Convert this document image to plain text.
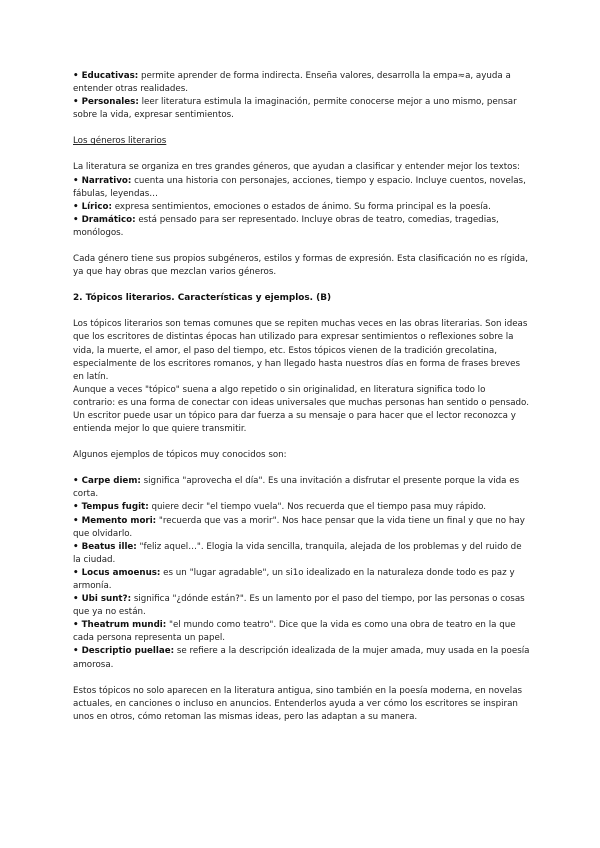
• Educativas: permite aprender de forma indirecta. Enseña valores, desarrolla la empa≈a, ayuda a entender otras realidades.

• Personales: leer literatura estimula la imaginación, permite conocerse mejor a uno mismo, pensar sobre la vida, expresar sentimientos.

Los géneros literarios

La literatura se organiza en tres grandes géneros, que ayudan a clasiﬁcar y entender mejor los textos:

• Narrativo: cuenta una historia con personajes, acciones, tiempo y espacio. Incluye cuentos, novelas, fábulas, leyendas…

• Lírico: expresa sentimientos, emociones o estados de ánimo. Su forma principal es la poesía.

• Dramático: está pensado para ser representado. Incluye obras de teatro, comedias, tragedias, monólogos.

Cada género tiene sus propios subgéneros, estilos y formas de expresión. Esta clasificación no es rígida, ya que hay obras que mezclan varios géneros.

2. Tópicos literarios. Características y ejemplos. (B)

Los tópicos literarios son temas comunes que se repiten muchas veces en las obras literarias. Son ideas que los escritores de distintas épocas han utilizado para expresar sentimientos o reflexiones sobre la vida, la muerte, el amor, el paso del tiempo, etc. Estos tópicos vienen de la tradición grecolatina, especialmente de los escritores romanos, y han llegado hasta nuestros días en forma de frases breves en latín.

Aunque a veces "tópico" suena a algo repetido o sin originalidad, en literatura significa todo lo contrario: es una forma de conectar con ideas universales que muchas personas han sentido o pensado. Un escritor puede usar un tópico para dar fuerza a su mensaje o para hacer que el lector reconozca y entienda mejor lo que quiere transmitir.

Algunos ejemplos de tópicos muy conocidos son:

• Carpe diem: significa "aprovecha el día". Es una invitación a disfrutar el presente porque la vida es corta.

• Tempus fugit: quiere decir "el tiempo vuela". Nos recuerda que el tiempo pasa muy rápido.

• Memento mori: "recuerda que vas a morir". Nos hace pensar que la vida tiene un final y que no hay que olvidarlo.

• Beatus ille: "feliz aquel…". Elogia la vida sencilla, tranquila, alejada de los problemas y del ruido de la ciudad.

• Locus amoenus: es un "lugar agradable", un si1o idealizado en la naturaleza donde todo es paz y armonía.

• Ubi sunt?: significa "¿dónde están?". Es un lamento por el paso del tiempo, por las personas o cosas que ya no están.

• Theatrum mundi: "el mundo como teatro". Dice que la vida es como una obra de teatro en la que cada persona representa un papel.

• Descriptio puellae: se reﬁere a la descripción idealizada de la mujer amada, muy usada en la poesía amorosa.

Estos tópicos no solo aparecen en la literatura antigua, sino también en la poesía moderna, en novelas actuales, en canciones o incluso en anuncios. Entenderlos ayuda a ver cómo los escritores se inspiran unos en otros, cómo retoman las mismas ideas, pero las adaptan a su manera.
